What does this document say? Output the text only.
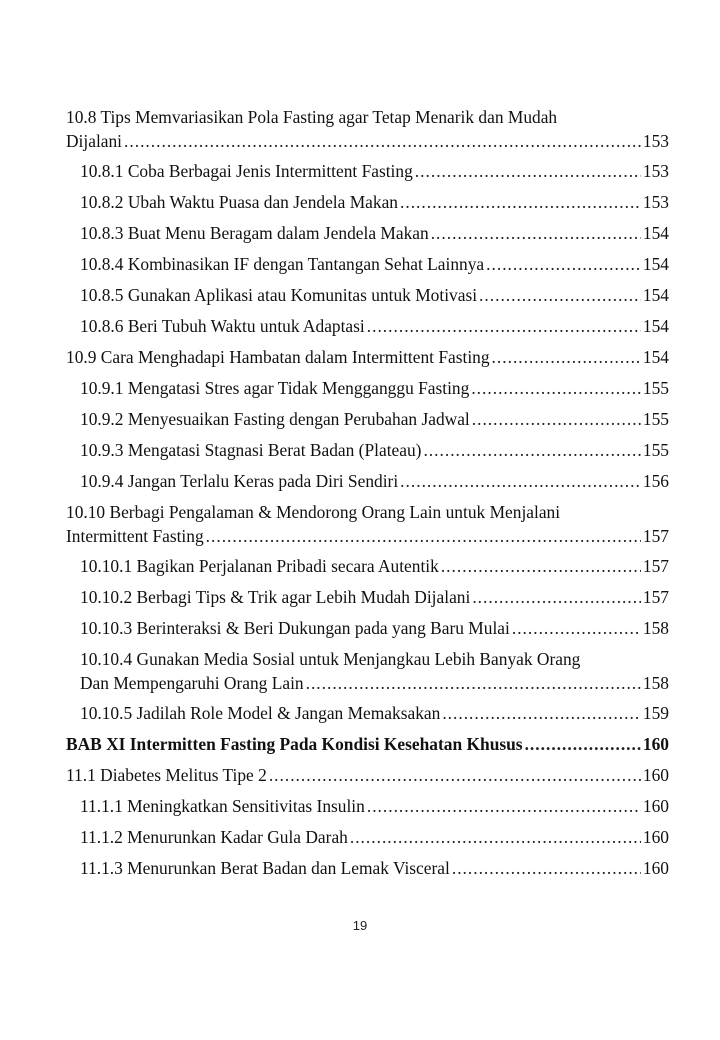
10.8 Tips Memvariasikan Pola Fasting agar Tetap Menarik dan Mudah
Dijalani .....	153
10.8.1 Coba Berbagai Jenis Intermittent Fasting .....	153
10.8.2 Ubah Waktu Puasa dan Jendela Makan .....	153
10.8.3 Buat Menu Beragam dalam Jendela Makan .....	154
10.8.4 Kombinasikan IF dengan Tantangan Sehat Lainnya .....	154
10.8.5 Gunakan Aplikasi atau Komunitas untuk Motivasi .....	154
10.8.6 Beri Tubuh Waktu untuk Adaptasi .....	154
10.9 Cara Menghadapi Hambatan dalam Intermittent Fasting .....	154
10.9.1 Mengatasi Stres agar Tidak Mengganggu Fasting .....	155
10.9.2 Menyesuaikan Fasting dengan Perubahan Jadwal .....	155
10.9.3 Mengatasi Stagnasi Berat Badan (Plateau) .....	155
10.9.4 Jangan Terlalu Keras pada Diri Sendiri .....	156
10.10 Berbagi Pengalaman & Mendorong Orang Lain untuk Menjalani
Intermittent Fasting .....	157
10.10.1 Bagikan Perjalanan Pribadi secara Autentik .....	157
10.10.2 Berbagi Tips & Trik agar Lebih Mudah Dijalani .....	157
10.10.3 Berinteraksi & Beri Dukungan pada yang Baru Mulai .....	158
10.10.4 Gunakan Media Sosial untuk Menjangkau Lebih Banyak Orang
Dan Mempengaruhi Orang Lain .....	158
10.10.5 Jadilah Role Model & Jangan Memaksakan .....	159
BAB XI Intermitten Fasting Pada Kondisi Kesehatan Khusus .....	160
11.1 Diabetes Melitus Tipe 2 .....	160
11.1.1 Meningkatkan Sensitivitas Insulin .....	160
11.1.2 Menurunkan Kadar Gula Darah .....	160
11.1.3 Menurunkan Berat Badan dan Lemak Visceral .....	160
19
